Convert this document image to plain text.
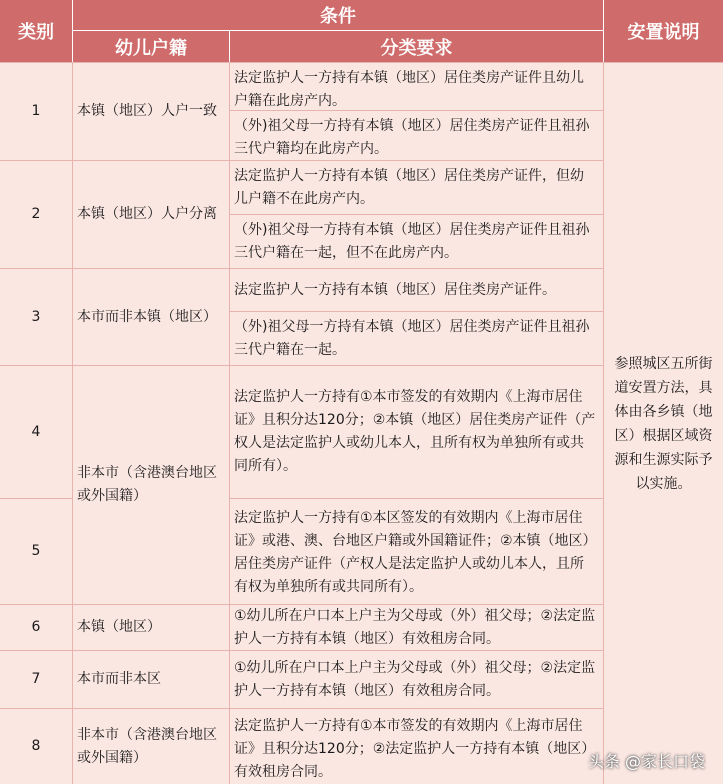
类别
条件
幼儿户籍	分类要求
安置说明
1
2
3
4
5
6
7
8
本镇（地区）人户一致
本镇（地区）人户分离
本市而非本镇（地区）
非本市（含港澳台地区或外国籍）
本镇（地区）
本市而非本区
非本市（含港澳台地区或外国籍）
法定监护人一方持有本镇（地区）居住类房产证件且幼儿户籍在此房产内。
（外)祖父母一方持有本镇（地区）居住类房产证件且祖孙三代户籍均在此房产内。
法定监护人一方持有本镇（地区）居住类房产证件，但幼儿户籍不在此房产内。
（外)祖父母一方持有本镇（地区）居住类房产证件且祖孙三代户籍在一起，但不在此房产内。
法定监护人一方持有本镇（地区）居住类房产证件。
（外)祖父母一方持有本镇（地区）居住类房产证件且祖孙三代户籍在一起。
法定监护人一方持有①本市签发的有效期内《上海市居住证》且积分达120分；②本镇（地区）居住类房产证件（产权人是法定监护人或幼儿本人，且所有权为单独所有或共同所有）。
法定监护人一方持有①本区签发的有效期内《上海市居住证》或港、澳、台地区户籍或外国籍证件；②本镇（地区）居住类房产证件（产权人是法定监护人或幼儿本人，且所有权为单独所有或共同所有）。
①幼儿所在户口本上户主为父母或（外）祖父母；②法定监护人一方持有本镇（地区）有效租房合同。
①幼儿所在户口本上户主为父母或（外）祖父母；②法定监护人一方持有本镇（地区）有效租房合同。
法定监护人一方持有①本市签发的有效期内《上海市居住证》且积分达120分；②法定监护人一方持有本镇（地区）有效租房合同。
参照城区五所街道安置方法，具体由各乡镇（地区）根据区域资源和生源实际予以实施。
头条 @家长口袋
